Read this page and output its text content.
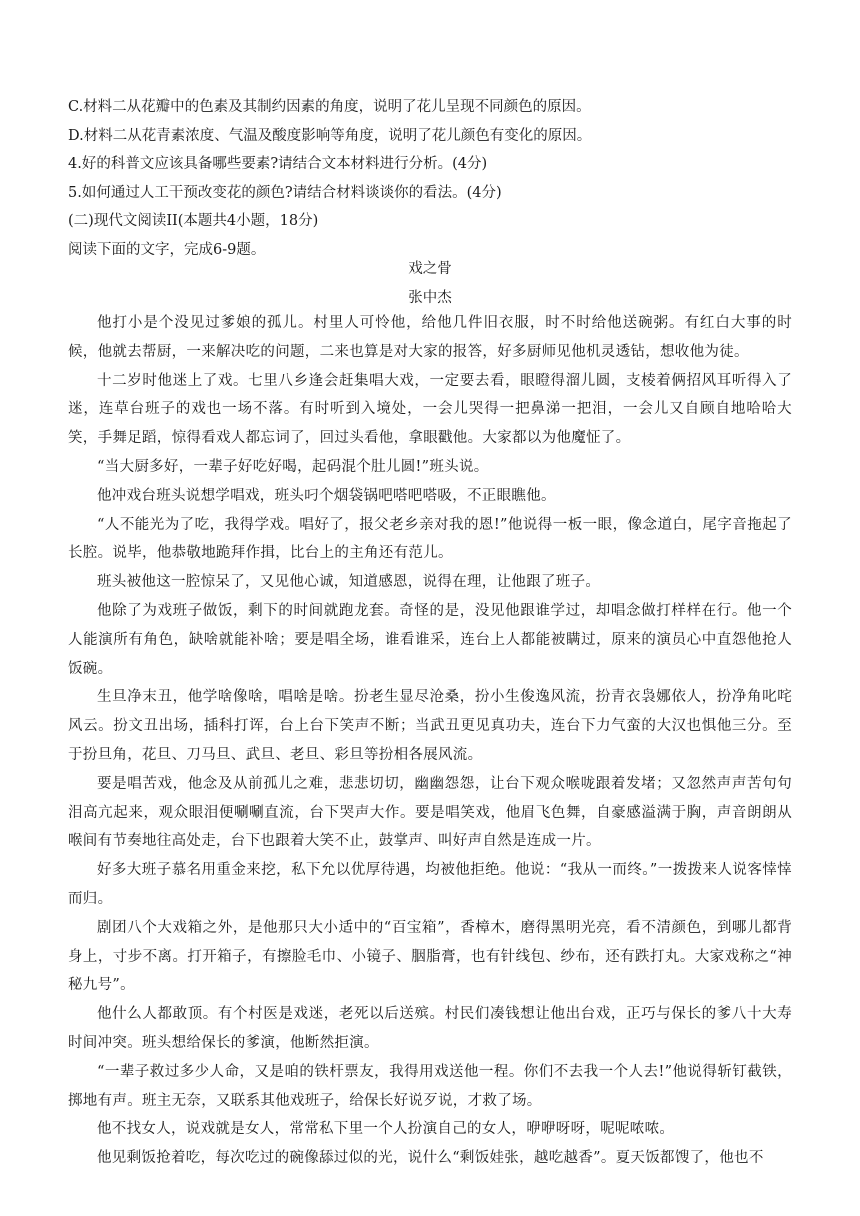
C.材料二从花瓣中的色素及其制约因素的角度，说明了花儿呈现不同颜色的原因。
D.材料二从花青素浓度、气温及酸度影响等角度，说明了花儿颜色有变化的原因。
4.好的科普文应该具备哪些要素?请结合文本材料进行分析。(4分)
5.如何通过人工干预改变花的颜色?请结合材料谈谈你的看法。(4分)
(二)现代文阅读II(本题共4小题，18分)
阅读下面的文字，完成6-9题。
戏之骨
张中杰

他打小是个没见过爹娘的孤儿。村里人可怜他，给他几件旧衣服，时不时给他送碗粥。有红白大事的时候，他就去帮厨，一来解决吃的问题，二来也算是对大家的报答，好多厨师见他机灵透钻，想收他为徒。

十二岁时他迷上了戏。七里八乡逢会赶集唱大戏，一定要去看，眼瞪得溜儿圆，支棱着俩招风耳听得入了迷，连草台班子的戏也一场不落。有时听到入境处，一会儿哭得一把鼻涕一把泪，一会儿又自顾自地哈哈大笑，手舞足蹈，惊得看戏人都忘词了，回过头看他，拿眼戳他。大家都以为他魔怔了。

“当大厨多好，一辈子好吃好喝，起码混个肚儿圆!”班头说。

他冲戏台班头说想学唱戏，班头叼个烟袋锅吧嗒吧嗒吸，不正眼瞧他。

“人不能光为了吃，我得学戏。唱好了，报父老乡亲对我的恩!”他说得一板一眼，像念道白，尾字音拖起了长腔。说毕，他恭敬地跪拜作揖，比台上的主角还有范儿。

班头被他这一腔惊呆了，又见他心诚，知道感恩，说得在理，让他跟了班子。

他除了为戏班子做饭，剩下的时间就跑龙套。奇怪的是，没见他跟谁学过，却唱念做打样样在行。他一个人能演所有角色，缺啥就能补啥；要是唱全场，谁看谁采，连台上人都能被瞒过，原来的演员心中直怨他抢人饭碗。

生旦净末丑，他学啥像啥，唱啥是啥。扮老生显尽沧桑，扮小生俊逸风流，扮青衣袅娜依人，扮净角叱咤风云。扮文丑出场，插科打诨，台上台下笑声不断；当武丑更见真功夫，连台下力气蛮的大汉也惧他三分。至于扮旦角，花旦、刀马旦、武旦、老旦、彩旦等扮相各展风流。

要是唱苦戏，他念及从前孤儿之难，悲悲切切，幽幽怨怨，让台下观众喉咙跟着发堵；又忽然声声苦句句泪高亢起来，观众眼泪便唰唰直流，台下哭声大作。要是唱笑戏，他眉飞色舞，自豪感溢满于胸，声音朗朗从喉间有节奏地往高处走，台下也跟着大笑不止，鼓掌声、叫好声自然是连成一片。

好多大班子慕名用重金来挖，私下允以优厚待遇，均被他拒绝。他说：“我从一而终。”一拨拨来人说客悻悻而归。

剧团八个大戏箱之外，是他那只大小适中的“百宝箱”，香樟木，磨得黑明光亮，看不清颜色，到哪儿都背身上，寸步不离。打开箱子，有擦脸毛巾、小镜子、胭脂膏，也有针线包、纱布，还有跌打丸。大家戏称之“神秘九号”。

他什么人都敢顶。有个村医是戏迷，老死以后送殡。村民们凑钱想让他出台戏，正巧与保长的爹八十大寿时间冲突。班头想给保长的爹演，他断然拒演。

“一辈子救过多少人命，又是咱的铁杆票友，我得用戏送他一程。你们不去我一个人去!”他说得斩钉截铁，掷地有声。班主无奈，又联系其他戏班子，给保长好说歹说，才救了场。

他不找女人，说戏就是女人，常常私下里一个人扮演自己的女人，咿咿呀呀，呢呢哝哝。

他见剩饭抢着吃，每次吃过的碗像舔过似的光，说什么“剩饭娃张，越吃越香”。夏天饭都馊了，他也不
